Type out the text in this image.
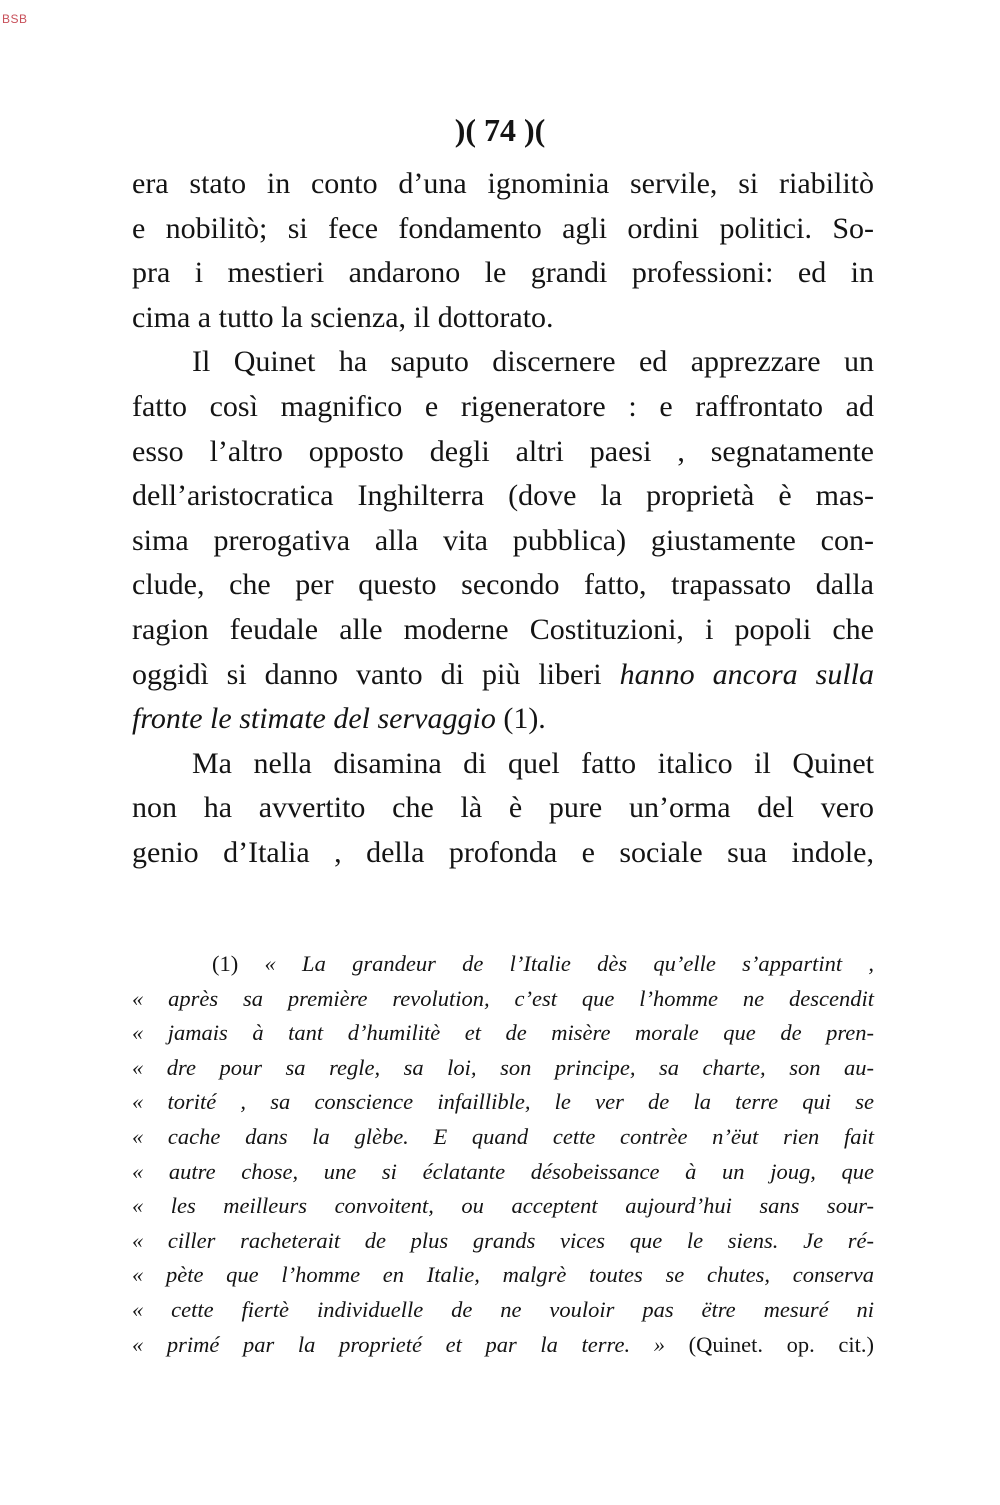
BSB
)( 74 )(
era stato in conto d’una ignominia servile, si riabilitò
e nobilitò; si fece fondamento agli ordini politici. So-
pra i mestieri andarono le grandi professioni: ed in
cima a tutto la scienza, il dottorato.
Il Quinet ha saputo discernere ed apprezzare un
fatto così magnifico e rigeneratore : e raffrontato ad
esso l’altro opposto degli altri paesi , segnatamente
dell’aristocratica Inghilterra (dove la proprietà è mas-
sima prerogativa alla vita pubblica) giustamente con-
clude, che per questo secondo fatto, trapassato dalla
ragion feudale alle moderne Costituzioni, i popoli che
oggidì si danno vanto di più liberi hanno ancora sulla
fronte le stimate del servaggio (1).
Ma nella disamina di quel fatto italico il Quinet
non ha avvertito che là è pure un’orma del vero
genio d’Italia , della profonda e sociale sua indole,
(1) « La grandeur de l’Italie dès qu’elle s’appartint ,
« après sa première revolution, c’est que l’homme ne descendit
« jamais à tant d’humilitè et de misère morale que de pren-
« dre pour sa regle, sa loi, son principe, sa charte, son au-
« torité , sa conscience infaillible, le ver de la terre qui se
« cache dans la glèbe. E quand cette contrèe n’ëut rien fait
« autre chose, une si éclatante désobeissance à un joug, que
« les meilleurs convoitent, ou acceptent aujourd’hui sans sour-
« ciller racheterait de plus grands vices que le siens. Je ré-
« pète que l’homme en Italie, malgrè toutes se chutes, conserva
« cette fiertè individuelle de ne vouloir pas ëtre mesuré ni
« primé par la proprieté et par la terre. » (Quinet. op. cit.)
